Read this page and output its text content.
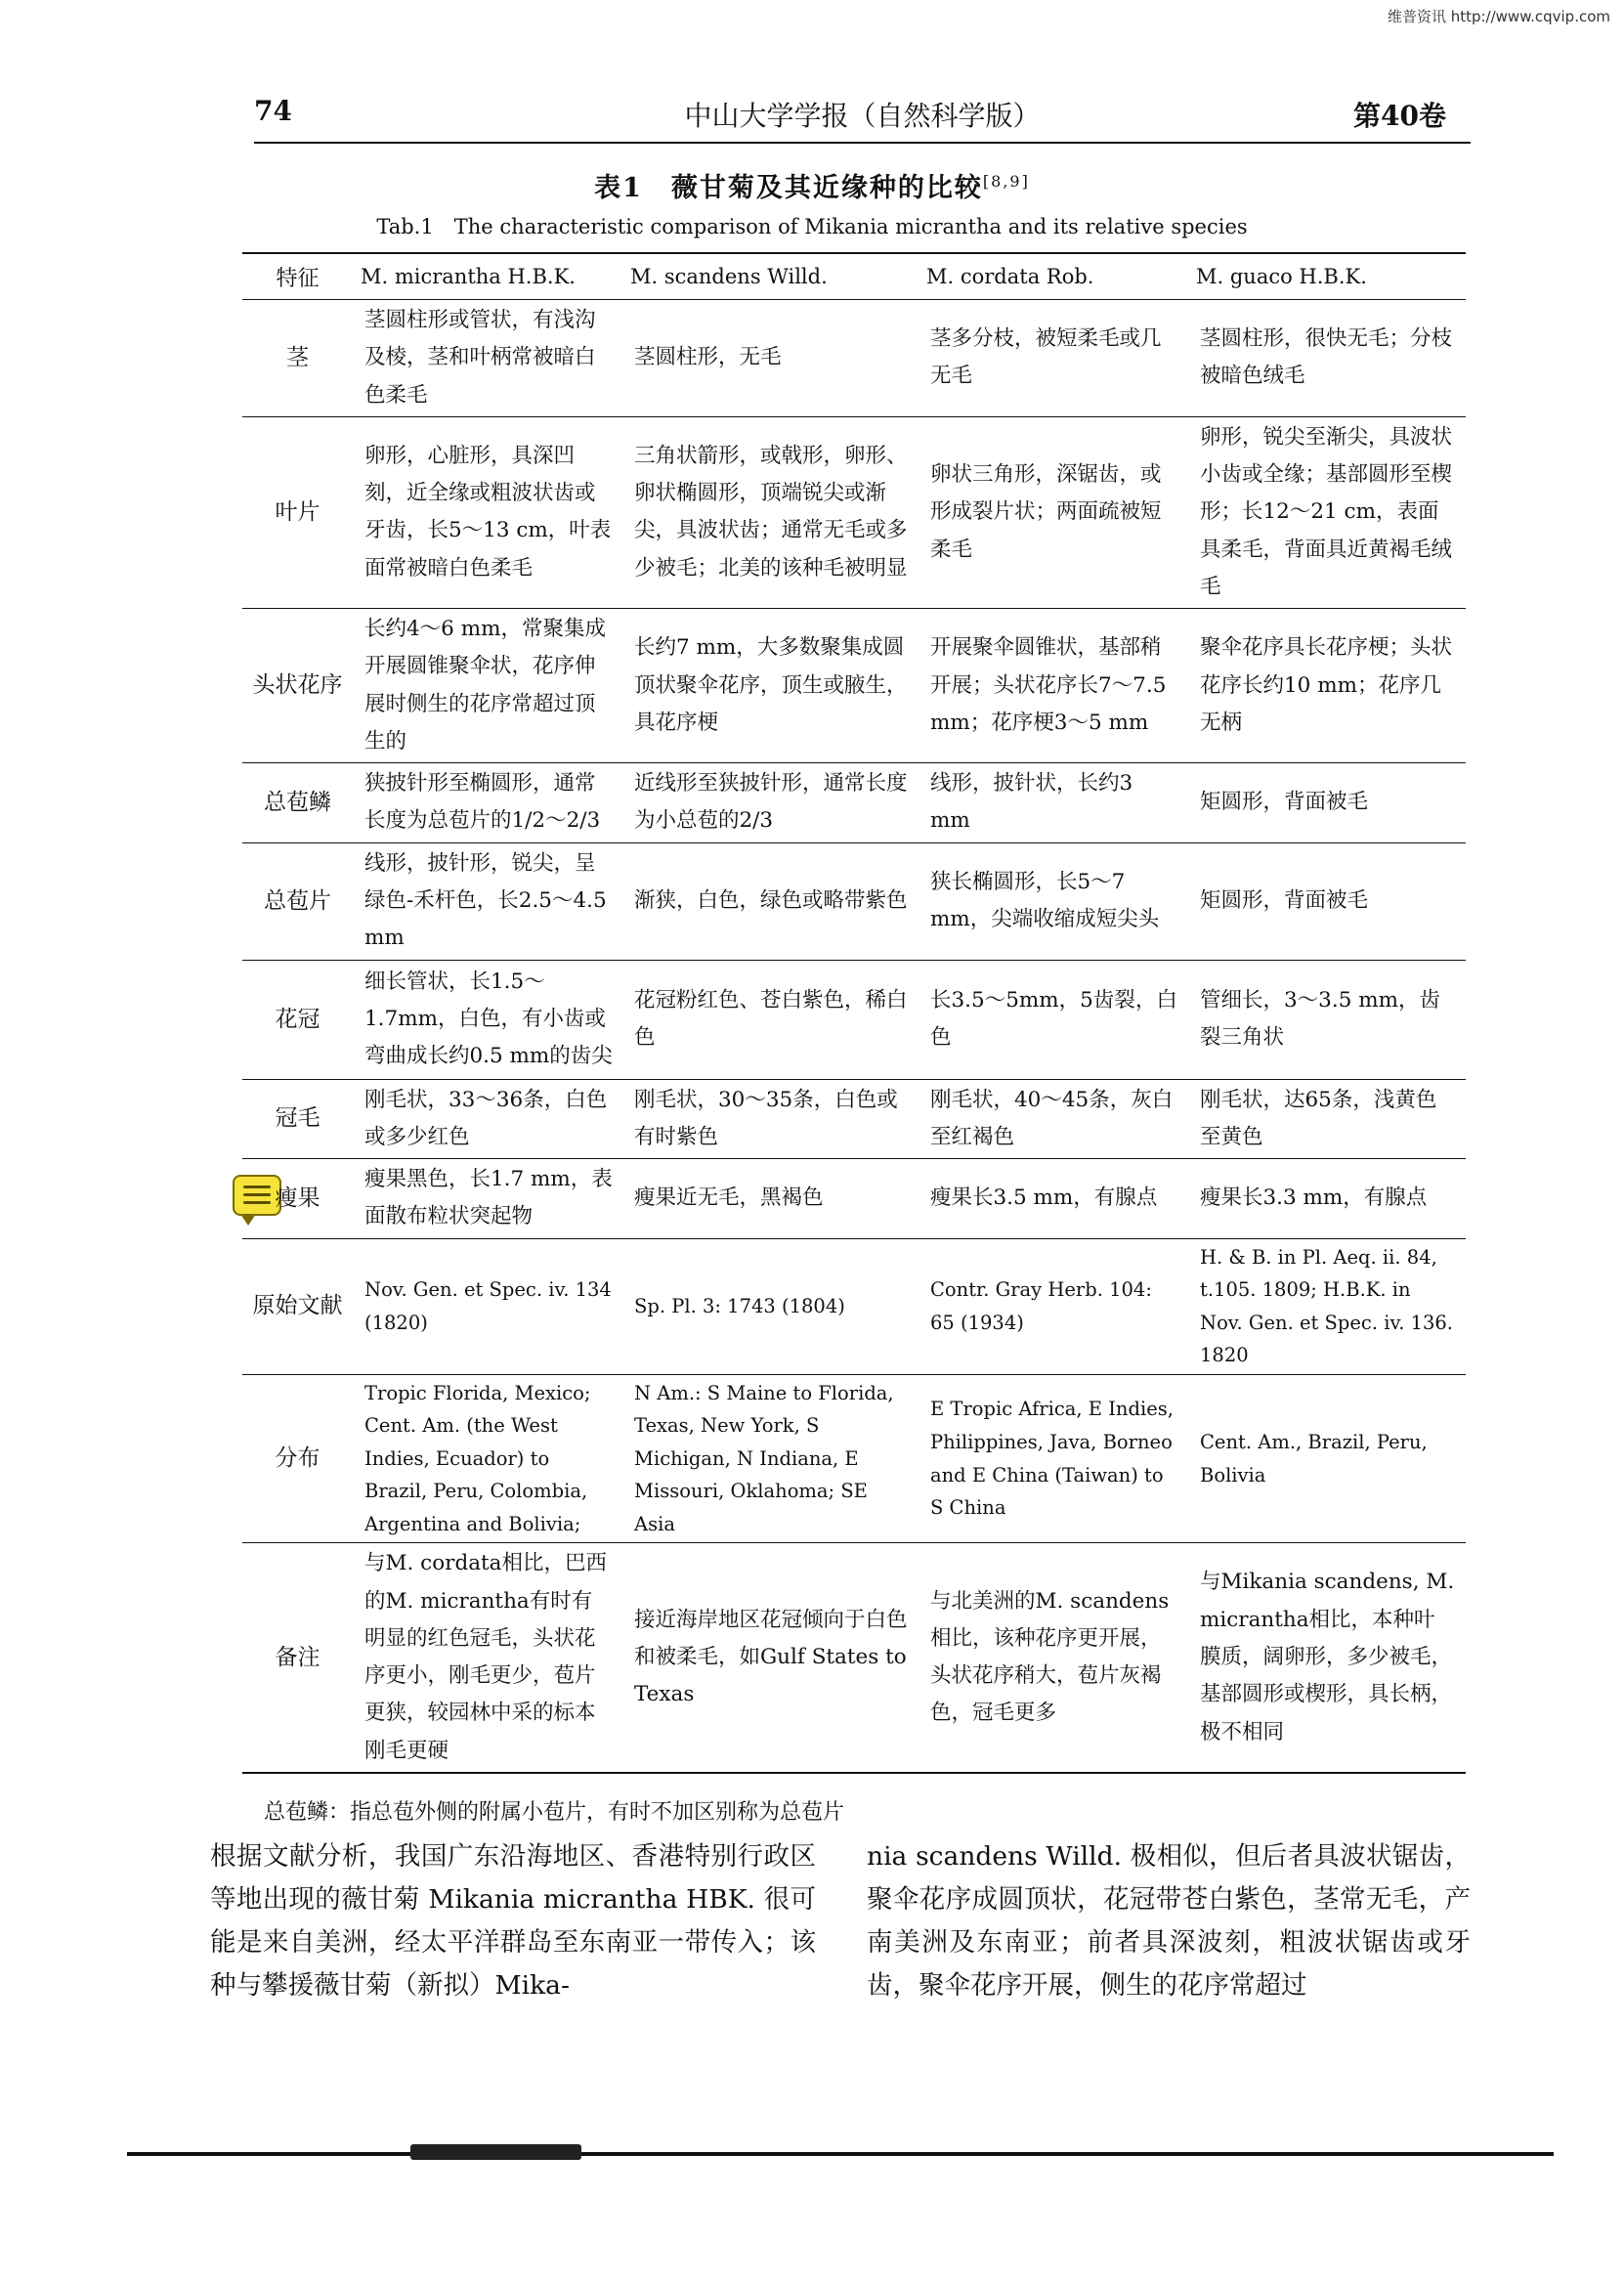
维普资讯 http://www.cqvip.com
74	中山大学学报（自然科学版）	第40卷
表1　薇甘菊及其近缘种的比较[8,9]
Tab.1　The characteristic comparison of Mikania micrantha and its relative species
特征	M. micrantha H.B.K.	M. scandens Willd.	M. cordata Rob.	M. guaco H.B.K.
茎	茎圆柱形或管状，有浅沟及棱，茎和叶柄常被暗白色柔毛	茎圆柱形，无毛	茎多分枝，被短柔毛或几无毛	茎圆柱形，很快无毛；分枝被暗色绒毛
叶片	卵形，心脏形，具深凹刻，近全缘或粗波状齿或牙齿，长5～13 cm，叶表面常被暗白色柔毛	三角状箭形，或戟形，卵形、卵状椭圆形，顶端锐尖或渐尖，具波状齿；通常无毛或多少被毛；北美的该种毛被明显	卵状三角形，深锯齿，或形成裂片状；两面疏被短柔毛	卵形，锐尖至渐尖，具波状小齿或全缘；基部圆形至楔形；长12～21 cm，表面具柔毛，背面具近黄褐毛绒毛
头状花序	长约4～6 mm，常聚集成开展圆锥聚伞状，花序伸展时侧生的花序常超过顶生的	长约7 mm，大多数聚集成圆顶状聚伞花序，顶生或腋生，具花序梗	开展聚伞圆锥状，基部稍开展；头状花序长7～7.5 mm；花序梗3～5 mm	聚伞花序具长花序梗；头状花序长约10 mm；花序几无柄
总苞鳞	狭披针形至椭圆形，通常长度为总苞片的1/2～2/3	近线形至狭披针形，通常长度为小总苞的2/3	线形，披针状，长约3 mm	矩圆形，背面被毛
总苞片	线形，披针形，锐尖，呈绿色-禾杆色，长2.5～4.5 mm	渐狭，白色，绿色或略带紫色	狭长椭圆形，长5～7 mm，尖端收缩成短尖头	矩圆形，背面被毛
花冠	细长管状，长1.5～1.7mm，白色，有小齿或弯曲成长约0.5 mm的齿尖	花冠粉红色、苍白紫色，稀白色	长3.5～5mm，5齿裂，白色	管细长，3～3.5 mm，齿裂三角状
冠毛	刚毛状，33～36条，白色或多少红色	刚毛状，30～35条，白色或有时紫色	刚毛状，40～45条，灰白至红褐色	刚毛状，达65条，浅黄色至黄色
瘦果	瘦果黑色，长1.7 mm，表面散布粒状突起物	瘦果近无毛，黑褐色	瘦果长3.5 mm，有腺点	瘦果长3.3 mm，有腺点
原始文献	Nov. Gen. et Spec. iv. 134 (1820)	Sp. Pl. 3: 1743 (1804)	Contr. Gray Herb. 104: 65 (1934)	H. & B. in Pl. Aeq. ii. 84, t.105. 1809; H.B.K. in Nov. Gen. et Spec. iv. 136. 1820
分布	Tropic Florida, Mexico; Cent. Am. (the West Indies, Ecuador) to Brazil, Peru, Colombia, Argentina and Bolivia;	N Am.: S Maine to Florida, Texas, New York, S Michigan, N Indiana, E Missouri, Oklahoma; SE Asia	E Tropic Africa, E Indies, Philippines, Java, Borneo and E China (Taiwan) to S China	Cent. Am., Brazil, Peru, Bolivia
备注	与M. cordata相比，巴西的M. micrantha有时有明显的红色冠毛，头状花序更小，刚毛更少，苞片更狭，较园林中采的标本刚毛更硬	接近海岸地区花冠倾向于白色和被柔毛，如Gulf States to Texas	与北美洲的M. scandens相比，该种花序更开展，头状花序稍大，苞片灰褐色，冠毛更多	与Mikania scandens, M. micrantha相比，本种叶膜质，阔卵形，多少被毛，基部圆形或楔形，具长柄，极不相同
总苞鳞：指总苞外侧的附属小苞片，有时不加区别称为总苞片
根据文献分析，我国广东沿海地区、香港特别行政区等地出现的薇甘菊 Mikania micrantha HBK. 很可能是来自美洲，经太平洋群岛至东南亚一带传入；该种与攀援薇甘菊（新拟）Mika-
nia scandens Willd. 极相似，但后者具波状锯齿，聚伞花序成圆顶状，花冠带苍白紫色，茎常无毛，产南美洲及东南亚；前者具深波刻，粗波状锯齿或牙齿，聚伞花序开展，侧生的花序常超过
